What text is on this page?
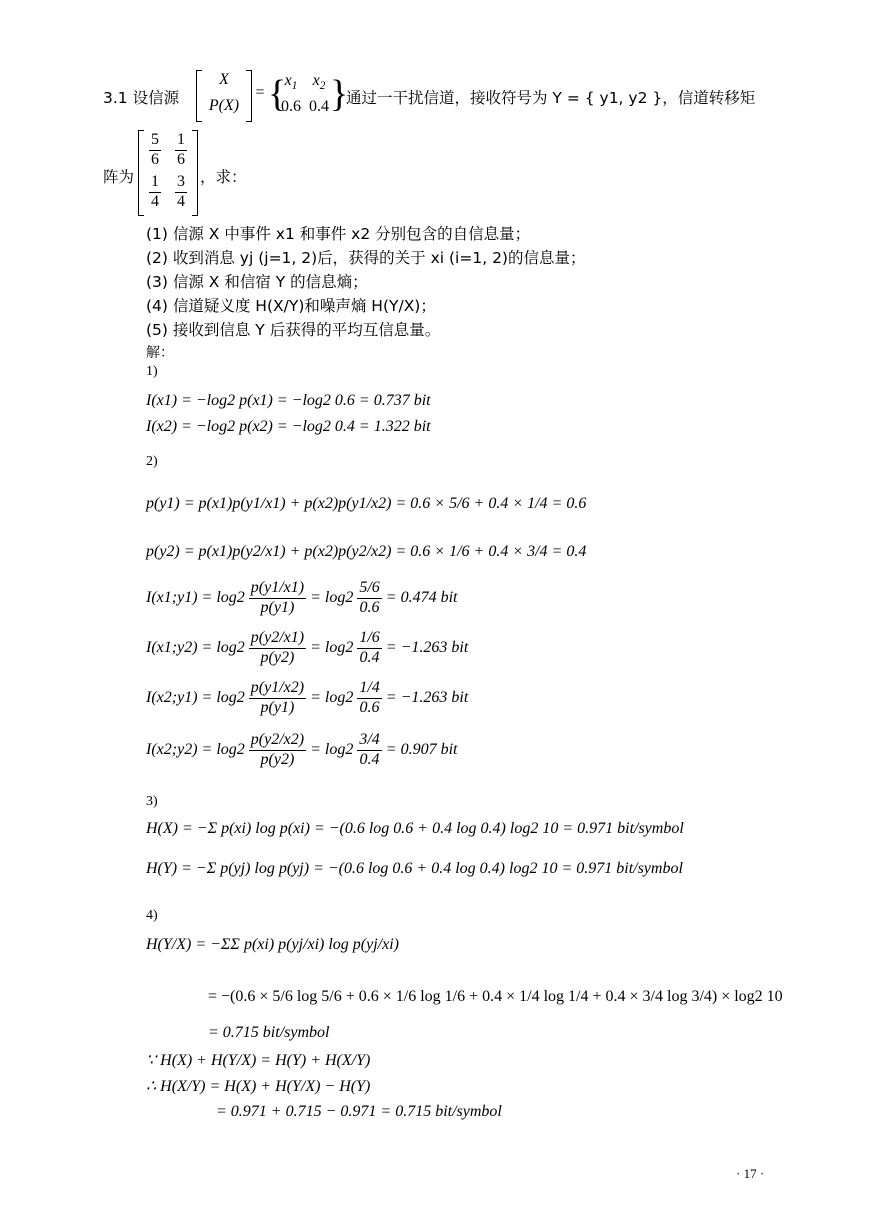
3.1 设信源
X
P(X)
= {
$x_1$ $x_2$
0.6 0.4 }
通过一干扰信道，接收符号为 Y = { y1, y2 }，信道转移矩
阵为
$\frac{5}{6} \frac{1}{6}$
$\frac{1}{4} \frac{3}{4}$ ，求：
(1) 信源 X 中事件 x1 和事件 x2 分别包含的自信息量；
(2) 收到消息 yj (j=1, 2)后，获得的关于 xi (i=1, 2)的信息量；
(3) 信源 X 和信宿 Y 的信息熵；
(4) 信道疑义度 H(X/Y)和噪声熵 H(Y/X)；
(5) 接收到信息 Y 后获得的平均互信息量。
解：
1)
I(x1) = −log2 p(x1) = −log2 0.6 = 0.737 bit
I(x2) = −log2 p(x2) = −log2 0.4 = 1.322 bit
2)
p(y1) = p(x1)p(y1/x1) + p(x2)p(y1/x2) = 0.6 × 5/6 + 0.4 × 1/4 = 0.6
p(y2) = p(x1)p(y2/x1) + p(x2)p(y2/x2) = 0.6 × 1/6 + 0.4 × 3/4 = 0.4
I(x1;y1) = $\log 2 \frac{p(y1/x1)}{p(y1)} = \log 2 \frac{5/6}{0.6} = 0.474$ bit
I(x1;y2) = $\log 2 \frac{p(y2/x1)}{p(y2)} = \log 2 \frac{1/6}{0.4} = -1.263$ bit
I(x2;y1) = $\log 2 \frac{p(y1/x2)}{p(y1)} = \log 2 \frac{1/4}{0.6} = -1.263$ bit
I(x2;y2) = $\log 2 \frac{p(y2/x2)}{p(y2)} = \log 2 \frac{3/4}{0.4} = 0.907$ bit
3)
H(X) = −Σ p(xi) log p(xi) = −(0.6 log 0.6 + 0.4 log 0.4) log2 10 = 0.971 bit/symbol
H(Y) = −Σ p(yj) log p(yj) = −(0.6 log 0.6 + 0.4 log 0.4) log2 10 = 0.971 bit/symbol
4)
H(Y/X) = −ΣΣ p(xi) p(yj/xi) log p(yj/xi)
= −(0.6 × 5/6 log 5/6 + 0.6 × 1/6 log 1/6 + 0.4 × 1/4 log 1/4 + 0.4 × 3/4 log 3/4) × log2 10
= 0.715 bit/symbol
∵ H(X) + H(Y/X) = H(Y) + H(X/Y)
∴ H(X/Y) = H(X) + H(Y/X) − H(Y)
= 0.971 + 0.715 − 0.971 = 0.715 bit/symbol
· 17 ·
